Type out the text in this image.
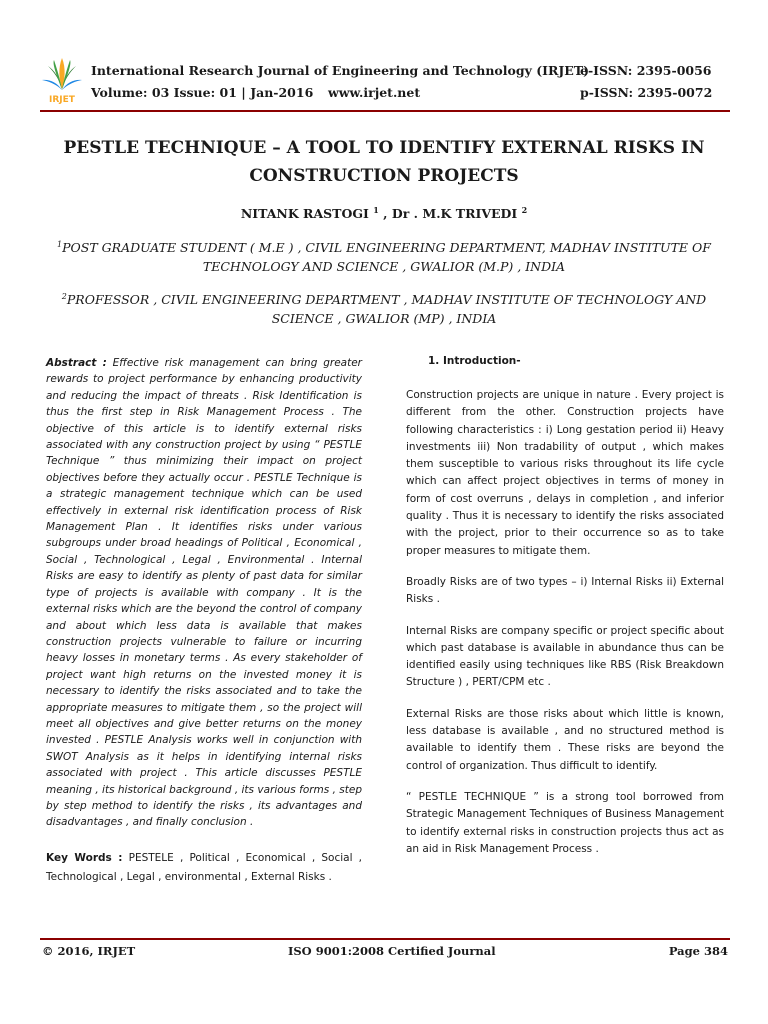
IRJET
International Research Journal of Engineering and Technology (IRJET)
Volume: 03 Issue: 01 | Jan-2016 www.irjet.net
e-ISSN: 2395-0056
p-ISSN: 2395-0072
PESTLE TECHNIQUE – A TOOL TO IDENTIFY EXTERNAL RISKS IN CONSTRUCTION PROJECTS
NITANK RASTOGI $^1$ , Dr . M.K TRIVEDI $^2$
$^1$POST GRADUATE STUDENT ( M.E ) , CIVIL ENGINEERING DEPARTMENT, MADHAV INSTITUTE OF TECHNOLOGY AND SCIENCE , GWALIOR (M.P) , INDIA
$^2$PROFESSOR , CIVIL ENGINEERING DEPARTMENT , MADHAV INSTITUTE OF TECHNOLOGY AND SCIENCE , GWALIOR (MP) , INDIA

Abstract : Effective risk management can bring greater rewards to project performance by enhancing productivity and reducing the impact of threats . Risk Identification is thus the first step in Risk Management Process . The objective of this article is to identify external risks associated with any construction project by using “ PESTLE Technique ” thus minimizing their impact on project objectives before they actually occur . PESTLE Technique is a strategic management technique which can be used effectively in external risk identification process of Risk Management Plan . It identifies risks under various subgroups under broad headings of Political , Economical , Social , Technological , Legal , Environmental . Internal Risks are easy to identify as plenty of past data for similar type of projects is available with company . It is the external risks which are the beyond the control of company and about which less data is available that makes construction projects vulnerable to failure or incurring heavy losses in monetary terms . As every stakeholder of project want high returns on the invested money it is necessary to identify the risks associated and to take the appropriate measures to mitigate them , so the project will meet all objectives and give better returns on the money invested . PESTLE Analysis works well in conjunction with SWOT Analysis as it helps in identifying internal risks associated with project . This article discusses PESTLE meaning , its historical background , its various forms , step by step method to identify the risks , its advantages and disadvantages , and finally conclusion .

Key Words : PESTELE , Political , Economical , Social , Technological , Legal , environmental , External Risks .

1. Introduction-

Construction projects are unique in nature . Every project is different from the other. Construction projects have following characteristics : i) Long gestation period ii) Heavy investments iii) Non tradability of output , which makes them susceptible to various risks throughout its life cycle which can affect project objectives in terms of money in form of cost overruns , delays in completion , and inferior quality . Thus it is necessary to identify the risks associated with the project, prior to their occurrence so as to take proper measures to mitigate them.

Broadly Risks are of two types – i) Internal Risks ii) External Risks .

Internal Risks are company specific or project specific about which past database is available in abundance thus can be identified easily using techniques like RBS (Risk Breakdown Structure ) , PERT/CPM etc .

External Risks are those risks about which little is known, less database is available , and no structured method is available to identify them . These risks are beyond the control of organization. Thus difficult to identify.

“ PESTLE TECHNIQUE ” is a strong tool borrowed from Strategic Management Techniques of Business Management to identify external risks in construction projects thus act as an aid in Risk Management Process .

© 2016, IRJET	ISO 9001:2008 Certified Journal	Page 384
